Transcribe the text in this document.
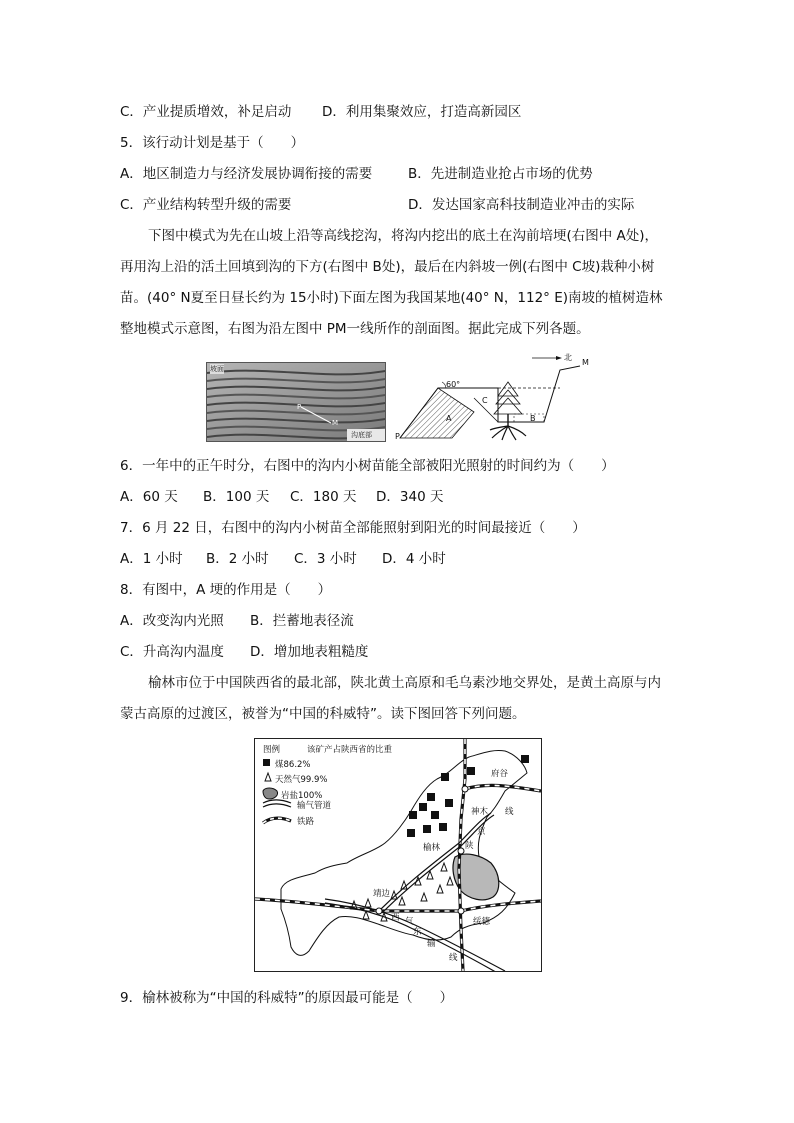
C．产业提质增效，补足启动 D．利用集聚效应，打造高新园区
5．该行动计划是基于（　　）
A．地区制造力与经济发展协调衔接的需要	B．先进制造业抢占市场的优势
C．产业结构转型升级的需要	D．发达国家高科技制造业冲击的实际
下图中模式为先在山坡上沿等高线挖沟，将沟内挖出的底土在沟前培埂(右图中 A处)，
再用沟上沿的活土回填到沟的下方(右图中 B处)，最后在内斜坡一例(右图中 C坡)栽种小树
苗。(40° N夏至日昼长约为 15小时)下面左图为我国某地(40° N，112° E)南坡的植树造林
整地模式示意图，右图为沿左图中 PM一线所作的剖面图。据此完成下列各题。
坡面
P
M
沟底部
北
M
P
60°
A	B
C
6．一年中的正午时分，右图中的沟内小树苗能全部被阳光照射的时间约为（　　）
A．60 天 B．100 天 C．180 天 D．340 天
7．6 月 22 日，右图中的沟内小树苗全部能照射到阳光的时间最接近（　　）
A．1 小时 B．2 小时 C．3 小时 D．4 小时
8．有图中，A 埂的作用是（　　）
A．改变沟内光照 B．拦蓄地表径流
C．升高沟内温度 D．增加地表粗糙度
榆林市位于中国陕西省的最北部，陕北黄土高原和毛乌素沙地交界处，是黄土高原与内
蒙古高原的过渡区，被誉为“中国的科威特”。读下图回答下列问题。
图例	该矿产占陕西省的比重
煤86.2%
天然气99.9%
岩盐100%
输气管道
铁路
府谷
榆林
靖边
绥德
神木 线
京
陕
西 气
东
输
线
9．榆林被称为“中国的科威特”的原因最可能是（　　）
